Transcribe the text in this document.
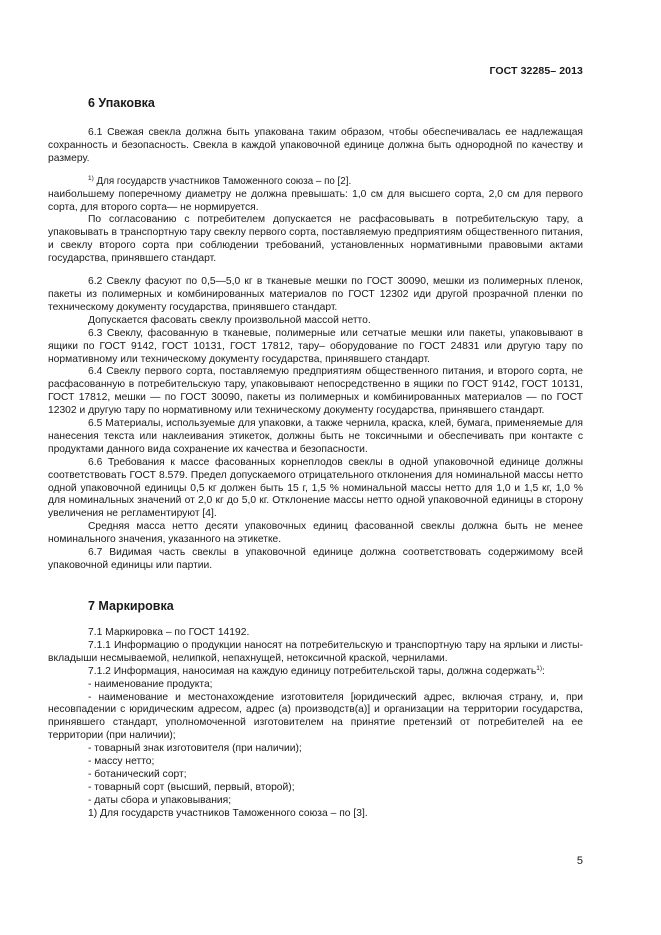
ГОСТ 32285– 2013
6 Упаковка

6.1 Свежая свекла должна быть упакована таким образом, чтобы обеспечивалась ее надлежащая сохранность и безопасность. Свекла в каждой упаковочной единице должна быть однородной по качеству и размеру.

$^{1)}$ Для государств участников Таможенного союза – по [2].

наибольшему поперечному диаметру не должна превышать: 1,0 см для высшего сорта, 2,0 см для первого сорта, для второго сорта— не нормируется.

По согласованию с потребителем допускается не расфасовывать в потребительскую тару, а упаковывать в транспортную тару свеклу первого сорта, поставляемую предприятиям общественного питания, и свеклу второго сорта при соблюдении требований, установленных нормативными правовыми актами государства, принявшего стандарт.

6.2 Свеклу фасуют по 0,5—5,0 кг в тканевые мешки по ГОСТ 30090, мешки из полимерных пленок, пакеты из полимерных и комбинированных материалов по ГОСТ 12302 иди другой прозрачной пленки по техническому документу государства, принявшего стандарт.

Допускается фасовать свеклу произвольной массой нетто.

6.3 Свеклу, фасованную в тканевые, полимерные или сетчатые мешки или пакеты, упаковывают в ящики по ГОСТ 9142, ГОСТ 10131, ГОСТ 17812, тару– оборудование по ГОСТ 24831 или другую тару по нормативному или техническому документу государства, принявшего стандарт.

6.4 Свеклу первого сорта, поставляемую предприятиям общественного питания, и второго сорта, не расфасованную в потребительскую тару, упаковывают непосредственно в ящики по ГОСТ 9142, ГОСТ 10131, ГОСТ 17812, мешки — по ГОСТ 30090, пакеты из полимерных и комбинированных материалов — по ГОСТ 12302 и другую тару по нормативному или техническому документу государства, принявшего стандарт.

6.5 Материалы, используемые для упаковки, а также чернила, краска, клей, бумага, применяемые для нанесения текста или наклеивания этикеток, должны быть не токсичными и обеспечивать при контакте с продуктами данного вида сохранение их качества и безопасности.

6.6 Требования к массе фасованных корнеплодов свеклы в одной упаковочной единице должны соответствовать ГОСТ 8.579. Предел допускаемого отрицательного отклонения для номинальной массы нетто одной упаковочной единицы 0,5 кг должен быть 15 г, 1,5 % номинальной массы нетто для 1,0 и 1,5 кг, 1,0 % для номинальных значений от 2,0 кг до 5,0 кг. Отклонение массы нетто одной упаковочной единицы в сторону увеличения не регламентируют [4].

Средняя масса нетто десяти упаковочных единиц фасованной свеклы должна быть не менее номинального значения, указанного на этикетке.

6.7 Видимая часть свеклы в упаковочной единице должна соответствовать содержимому всей упаковочной единицы или партии.

7 Маркировка

7.1 Маркировка – по ГОСТ 14192.

7.1.1 Информацию о продукции наносят на потребительскую и транспортную тару на ярлыки и листы-вкладыши несмываемой, нелипкой, непахнущей, нетоксичной краской, чернилами.

7.1.2 Информация, наносимая на каждую единицу потребительской тары, должна содержать$^{1)}$:

- наименование продукта;

- наименование и местонахождение изготовителя [юридический адрес, включая страну, и, при несовпадении с юридическим адресом, адрес (а) производств(а)] и организации на территории государства, принявшего стандарт, уполномоченной изготовителем на принятие претензий от потребителей на ее территории (при наличии);

- товарный знак изготовителя (при наличии);

- массу нетто;

- ботанический сорт;

- товарный сорт (высший, первый, второй);

- даты сбора и упаковывания;

1) Для государств участников Таможенного союза – по [3].

5
